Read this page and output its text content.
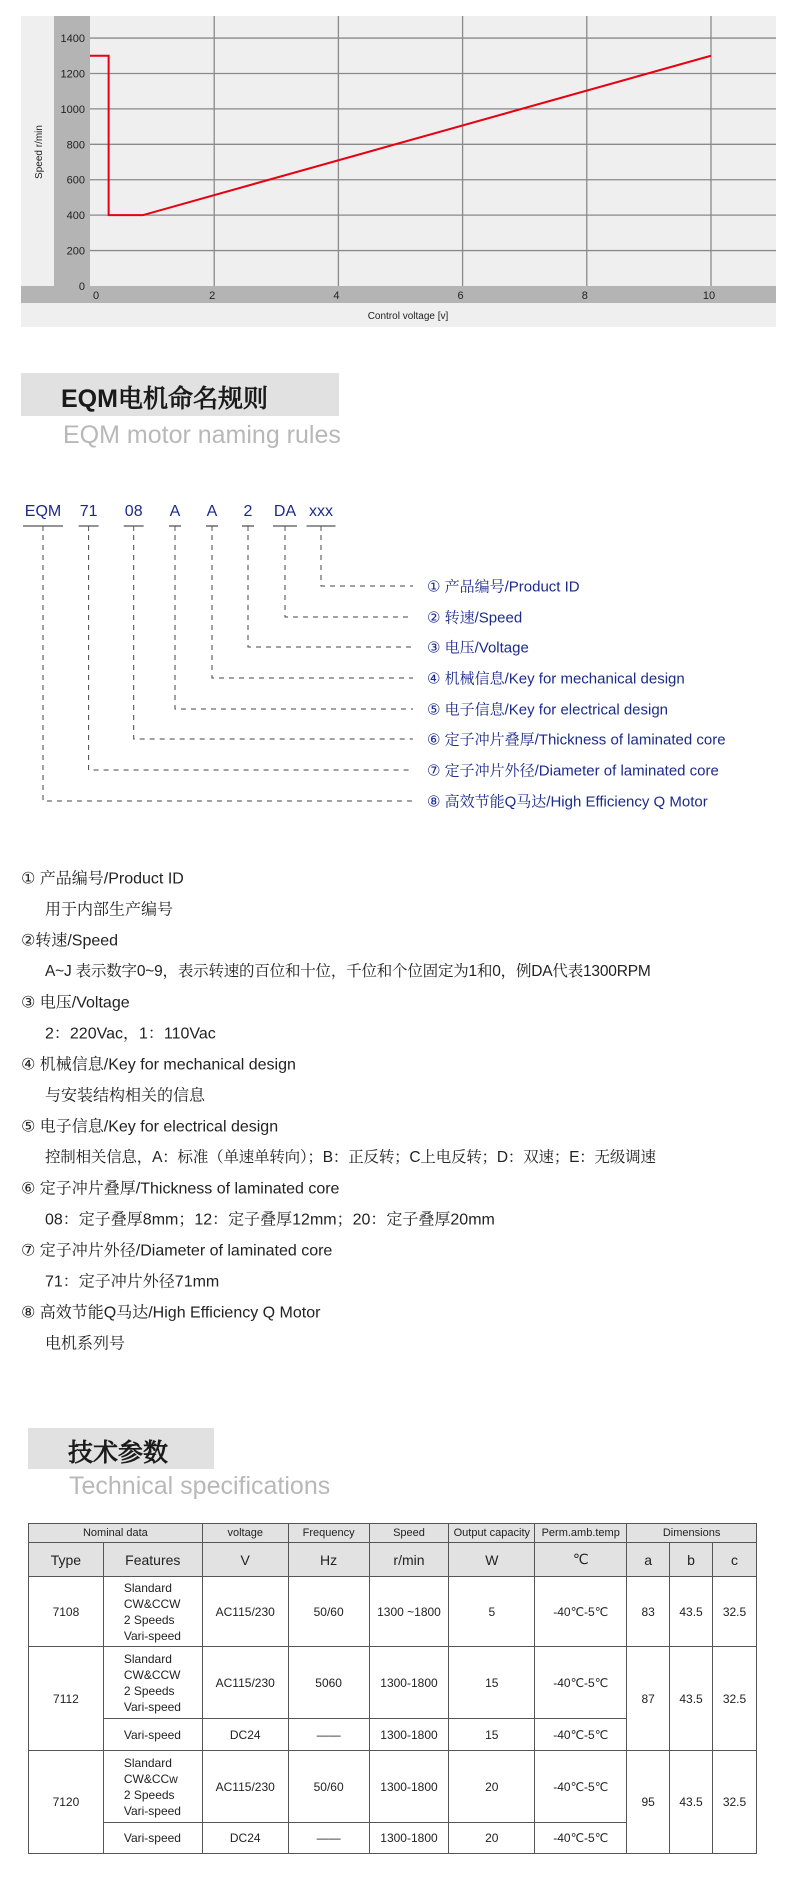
0
200
400
600
800
1000
1200
1400
0	2	4	6	8	10
Speed r/min
Control voltage [v]
EQM电机命名规则
EQM motor naming rules
EQM 71 08 A A 2 DA xxx
① 产品编号/Product ID
② 转速/Speed
③ 电压/Voltage
④ 机械信息/Key for mechanical design
⑤ 电子信息/Key for electrical design
⑥ 定子冲片叠厚/Thickness of laminated core
⑦ 定子冲片外径/Diameter of laminated core
⑧ 高效节能Q马达/High Efficiency Q Motor
① 产品编号/Product ID
用于内部生产编号
②转速/Speed
A~J 表示数字0~9，表示转速的百位和十位，千位和个位固定为1和0，例DA代表1300RPM
③ 电压/Voltage
2：220Vac，1：110Vac
④ 机械信息/Key for mechanical design
与安装结构相关的信息
⑤ 电子信息/Key for electrical design
控制相关信息，A：标准（单速单转向）；B：正反转；C上电反转；D：双速；E：无级调速
⑥ 定子冲片叠厚/Thickness of laminated core
08：定子叠厚8mm；12：定子叠厚12mm；20：定子叠厚20mm
⑦ 定子冲片外径/Diameter of laminated core
71：定子冲片外径71mm
⑧ 高效节能Q马达/High Efficiency Q Motor
电机系列号
技术参数
Technical specifications
Nominal data		voltage	Frequency	Speed	Output capacity	Perm.amb.temp	Dimensions		
Type	Features	V	Hz	r/min	W	℃	a	b	c
7108	Slandard
CW&CCW
2 Speeds
Vari-speed	AC115/230	50/60	1300 ~1800	5	-40℃-5℃	83	43.5	32.5
7112	Slandard
CW&CCW
2 Speeds
Vari-speed	AC115/230	5060	1300-1800	15	-40℃-5℃	87	43.5	32.5

	Vari-speed	DC24	——	1300-1800	15	-40℃-5℃			
7120	Slandard
CW&CCw
2 Speeds
Vari-speed	AC115/230	50/60	1300-1800	20	-40℃-5℃	95	43.5	32.5

	Vari-speed	DC24	——	1300-1800	20	-40℃-5℃			
